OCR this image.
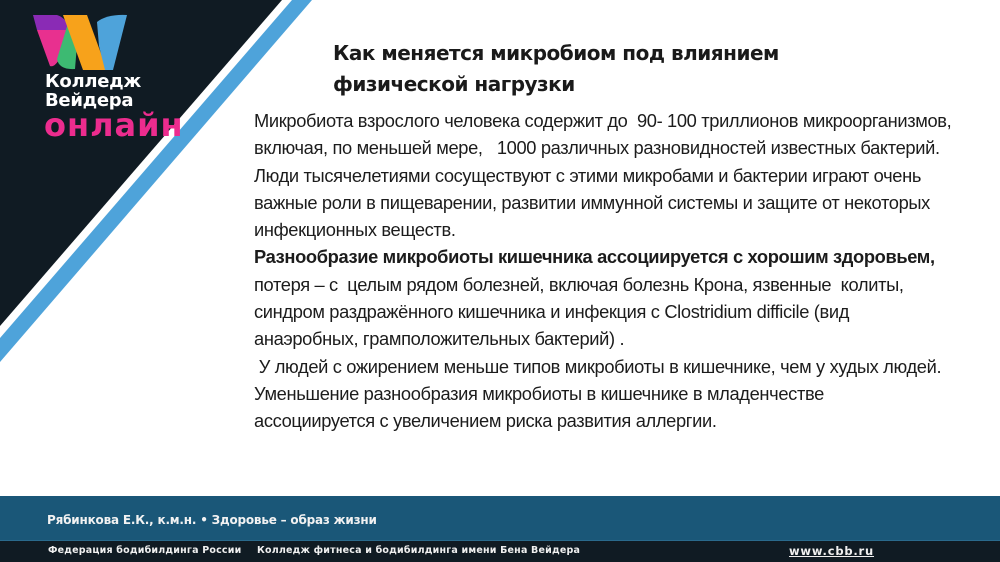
Колледж
Вейдера
онлайн
Как меняется микробиом под влиянием
физической нагрузки

Микробиота взрослого человека содержит до  90- 100 триллионов микроорганизмов, включая, по меньшей мере,   1000 различных разновидностей известных бактерий. Люди тысячелетиями сосуществуют с этими микробами и бактерии играют очень важные роли в пищеварении, развитии иммунной системы и защите от некоторых инфекционных веществ.

Разнообразие микробиоты кишечника ассоциируется с хорошим здоровьем, потеря – с  целым рядом болезней, включая болезнь Крона, язвенные  колиты, синдром раздражённого кишечника и инфекция с Clostridium difficile (вид анаэробных, грамположительных бактерий) .

У людей с ожирением меньше типов микробиоты в кишечнике, чем у худых людей. Уменьшение разнообразия микробиоты в кишечнике в младенчестве  ассоциируется с увеличением риска развития аллергии.

Рябинкова Е.К., к.м.н. • Здоровье – образ жизни
Федерация бодибилдинга России Колледж фитнеса и бодибилдинга имени Бена Вейдера	www.cbb.ru
